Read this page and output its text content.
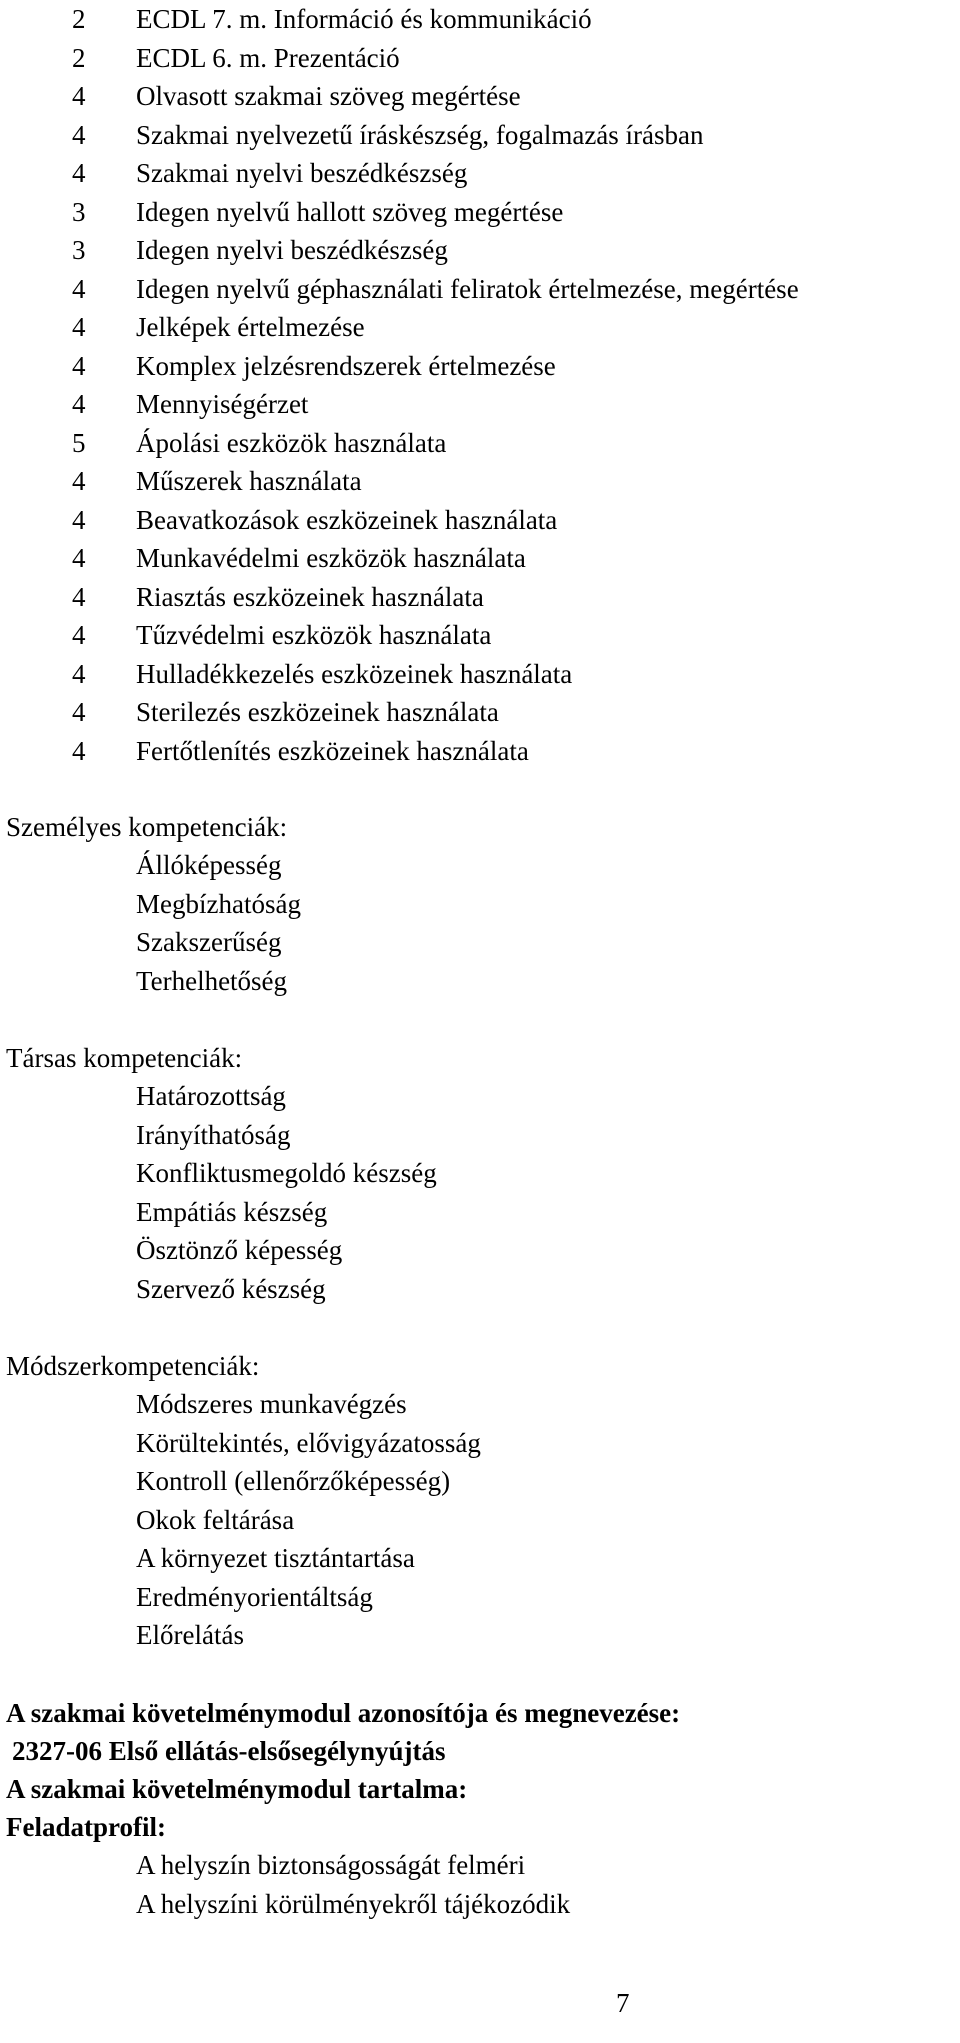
2 ECDL 7. m. Információ és kommunikáció
2 ECDL 6. m. Prezentáció
4 Olvasott szakmai szöveg megértése
4 Szakmai nyelvezetű íráskészség, fogalmazás írásban
4 Szakmai nyelvi beszédkészség
3 Idegen nyelvű hallott szöveg megértése
3 Idegen nyelvi beszédkészség
4 Idegen nyelvű géphasználati feliratok értelmezése, megértése
4 Jelképek értelmezése
4 Komplex jelzésrendszerek értelmezése
4 Mennyiségérzet
5 Ápolási eszközök használata
4 Műszerek használata
4 Beavatkozások eszközeinek használata
4 Munkavédelmi eszközök használata
4 Riasztás eszközeinek használata
4 Tűzvédelmi eszközök használata
4 Hulladékkezelés eszközeinek használata
4 Sterilezés eszközeinek használata
4 Fertőtlenítés eszközeinek használata
Személyes kompetenciák:
Állóképesség
Megbízhatóság
Szakszerűség
Terhelhetőség
Társas kompetenciák:
Határozottság
Irányíthatóság
Konfliktusmegoldó készség
Empátiás készség
Ösztönző képesség
Szervező készség
Módszerkompetenciák:
Módszeres munkavégzés
Körültekintés, elővigyázatosság
Kontroll (ellenőrzőképesség)
Okok feltárása
A környezet tisztántartása
Eredményorientáltság
Előrelátás

A szakmai követelménymodul azonosítója és megnevezése:

2327-06 Első ellátás-elsősegélynyújtás

A szakmai követelménymodul tartalma:

Feladatprofil:

A helyszín biztonságosságát felméri
A helyszíni körülményekről tájékozódik
7
